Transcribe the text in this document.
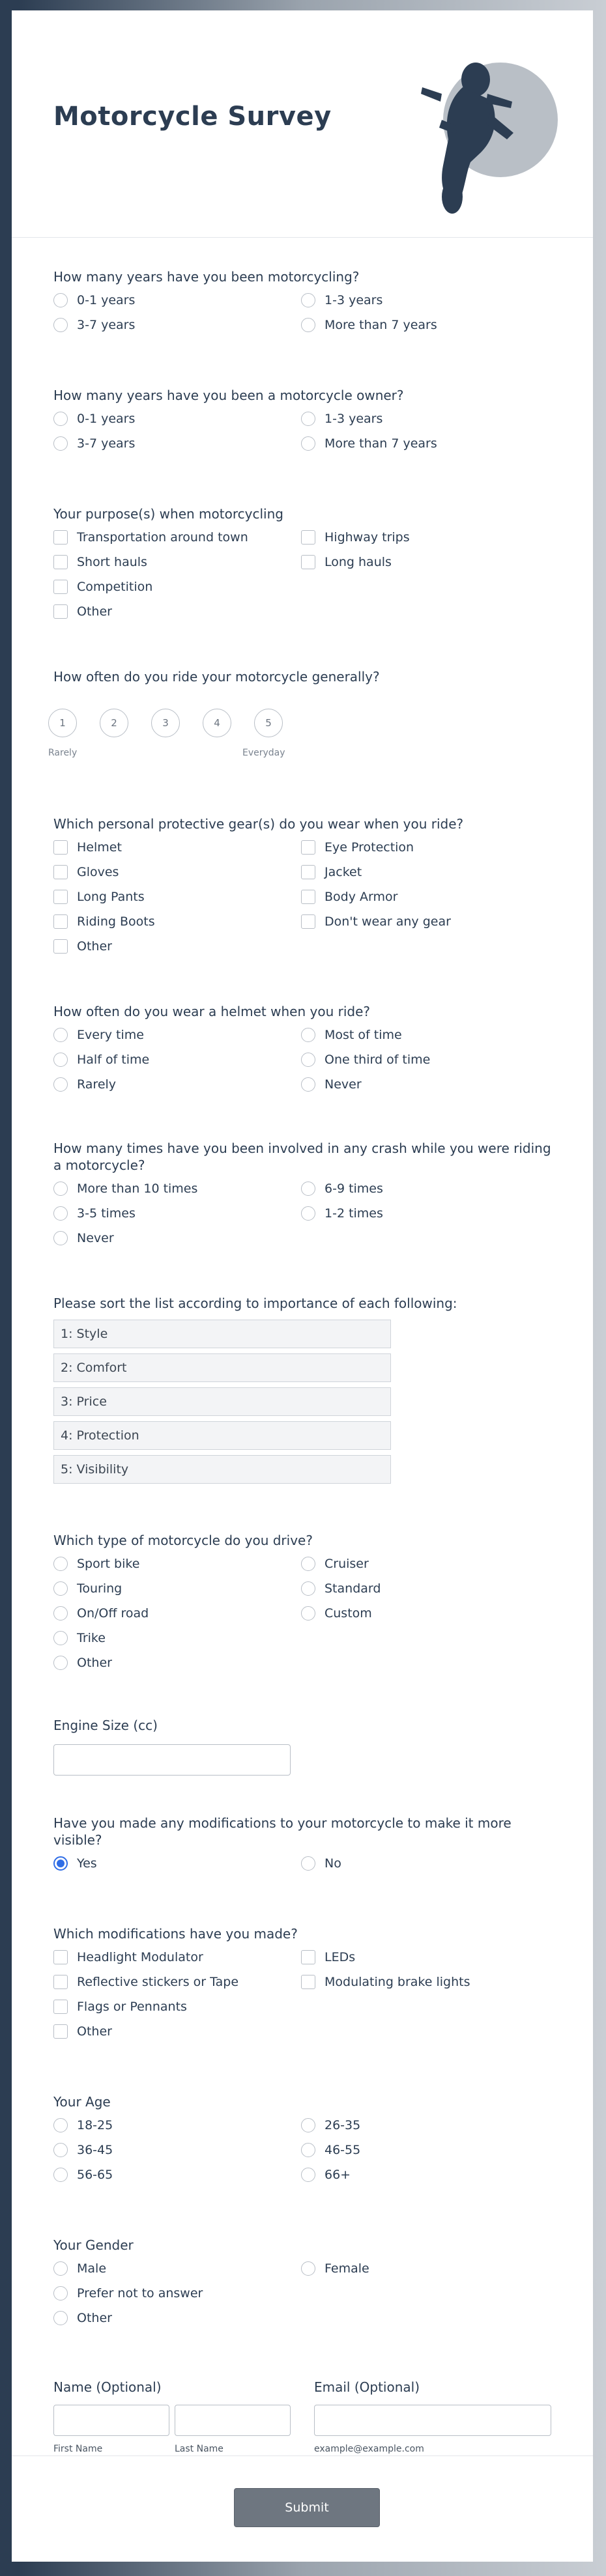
Motorcycle Survey
How many years have you been motorcycling?
0-1 years	1-3 years
3-7 years	More than 7 years
How many years have you been a motorcycle owner?
0-1 years	1-3 years
3-7 years	More than 7 years
Your purpose(s) when motorcycling
Transportation around town	Highway trips
Short hauls	Long hauls
Competition
Other
How often do you ride your motorcycle generally?
1	2	3	4	5
Rarely	Everyday
Which personal protective gear(s) do you wear when you ride?
Helmet	Eye Protection
Gloves	Jacket
Long Pants	Body Armor
Riding Boots	Don't wear any gear
Other
How often do you wear a helmet when you ride?
Every time	Most of time
Half of time	One third of time
Rarely	Never
How many times have you been involved in any crash while you were riding a motorcycle?
More than 10 times	6-9 times
3-5 times	1-2 times
Never
Please sort the list according to importance of each following:
1: Style
2: Comfort
3: Price
4: Protection
5: Visibility
Which type of motorcycle do you drive?
Sport bike	Cruiser
Touring	Standard
On/Off road	Custom
Trike
Other
Engine Size (cc)
Have you made any modifications to your motorcycle to make it more visible?
Yes	No
Which modifications have you made?
Headlight Modulator	LEDs
Reflective stickers or Tape	Modulating brake lights
Flags or Pennants
Other
Your Age
18-25	26-35
36-45	46-55
56-65	66+
Your Gender
Male	Female
Prefer not to answer
Other
Name (Optional)
First Name	Last Name
Email (Optional)
example@example.com
Submit
